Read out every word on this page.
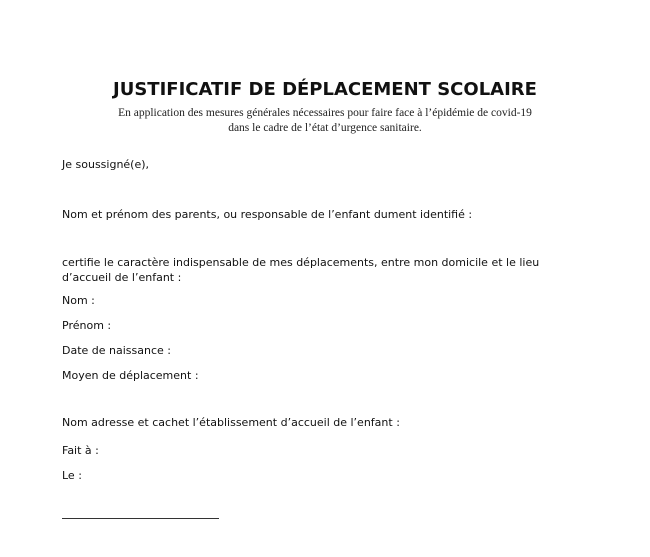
JUSTIFICATIF DE DÉPLACEMENT SCOLAIRE
En application des mesures générales nécessaires pour faire face à l’épidémie de covid-19
dans le cadre de l’état d’urgence sanitaire.

Je soussigné(e),

Nom et prénom des parents, ou responsable de l’enfant dument identifié :

certifie le caractère indispensable de mes déplacements, entre mon domicile et le lieu d’accueil de l’enfant :

Nom :

Prénom :

Date de naissance :

Moyen de déplacement :

Nom adresse et cachet l’établissement d’accueil de l’enfant :

Fait à :

Le :
